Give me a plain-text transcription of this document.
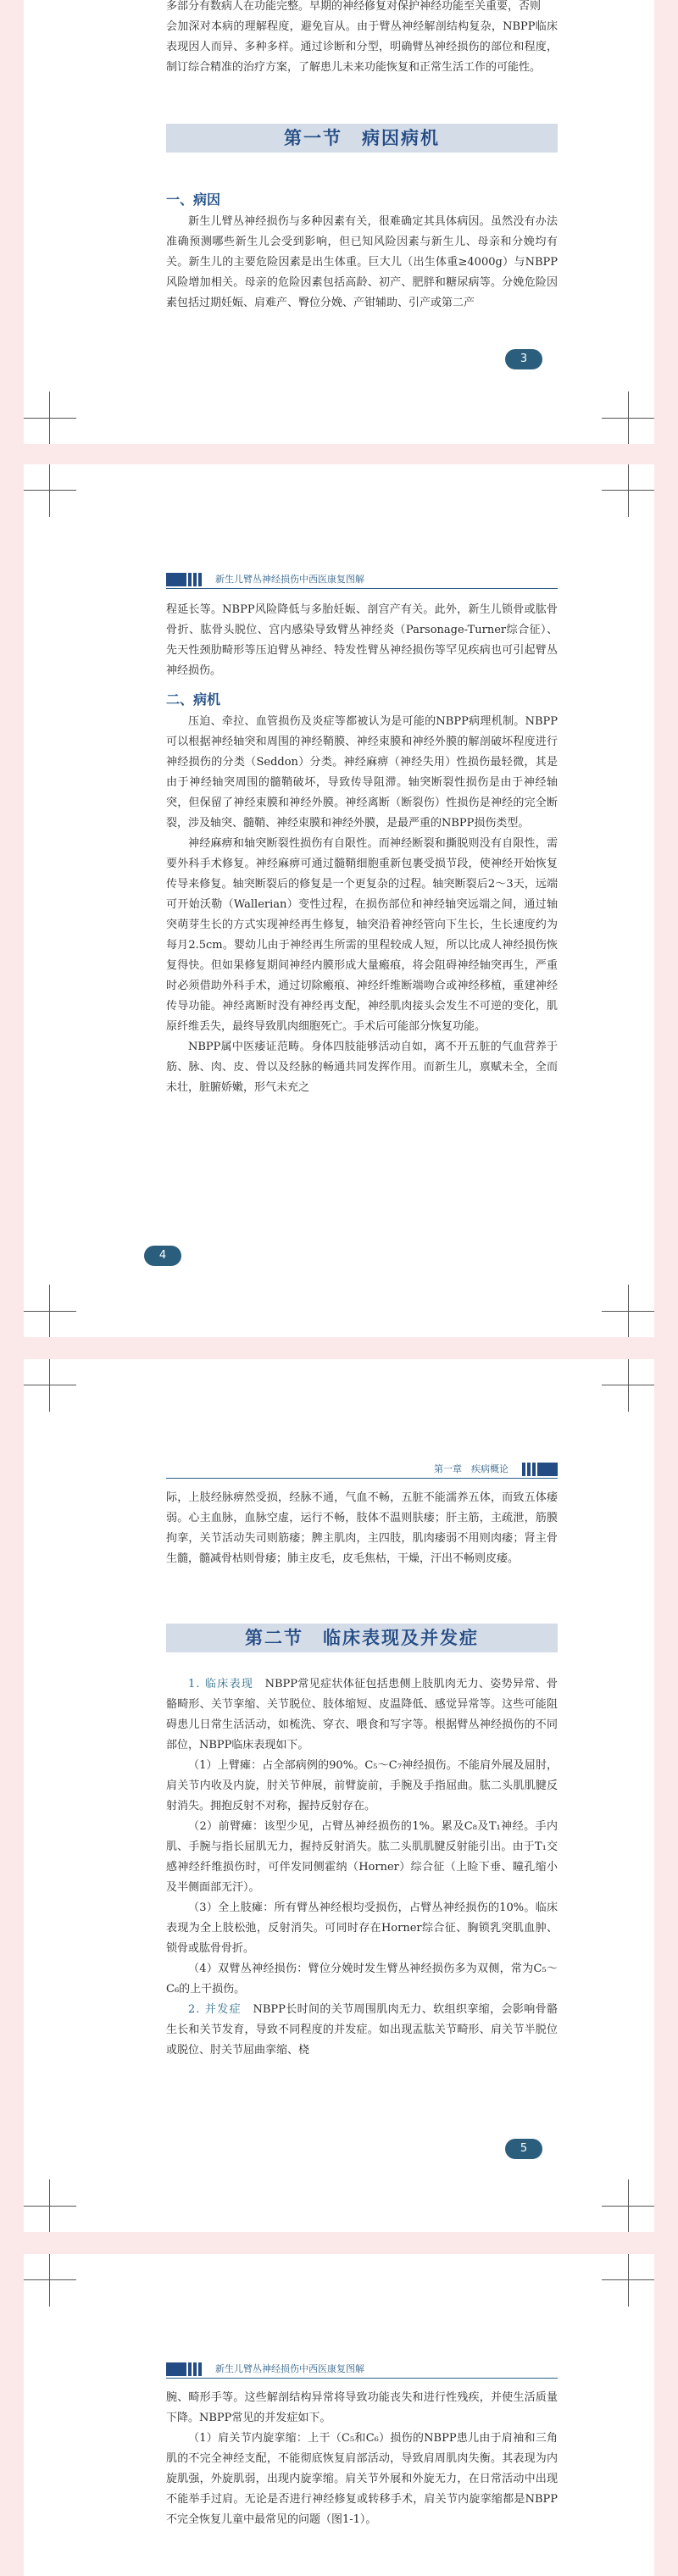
多部分有数病人在功能完整。早期的神经修复对保护神经功能至关重要，否则

会加深对本病的理解程度，避免盲从。由于臂丛神经解剖结构复杂，NBPP临床表现因人而异、多种多样。通过诊断和分型，明确臂丛神经损伤的部位和程度，制订综合精准的治疗方案，了解患儿未来功能恢复和正常生活工作的可能性。

第一节　病因病机
一、病因

新生儿臂丛神经损伤与多种因素有关，很难确定其具体病因。虽然没有办法准确预测哪些新生儿会受到影响，但已知风险因素与新生儿、母亲和分娩均有关。新生儿的主要危险因素是出生体重。巨大儿（出生体重≥4000g）与NBPP风险增加相关。母亲的危险因素包括高龄、初产、肥胖和糖尿病等。分娩危险因素包括过期妊娠、肩难产、臀位分娩、产钳辅助、引产或第二产

3
新生儿臂丛神经损伤中西医康复图解

程延长等。NBPP风险降低与多胎妊娠、剖宫产有关。此外，新生儿锁骨或肱骨骨折、肱骨头脱位、宫内感染导致臂丛神经炎（Parsonage-Turner综合征）、先天性颈肋畸形等压迫臂丛神经、特发性臂丛神经损伤等罕见疾病也可引起臂丛神经损伤。

二、病机

压迫、牵拉、血管损伤及炎症等都被认为是可能的NBPP病理机制。NBPP可以根据神经轴突和周围的神经鞘膜、神经束膜和神经外膜的解剖破坏程度进行神经损伤的分类（Seddon）分类。神经麻痹（神经失用）性损伤最轻微，其是由于神经轴突周围的髓鞘破坏，导致传导阻滞。轴突断裂性损伤是由于神经轴突，但保留了神经束膜和神经外膜。神经离断（断裂伤）性损伤是神经的完全断裂，涉及轴突、髓鞘、神经束膜和神经外膜，是最严重的NBPP损伤类型。

神经麻痹和轴突断裂性损伤有自限性。而神经断裂和撕脱则没有自限性，需要外科手术修复。神经麻痹可通过髓鞘细胞重新包裹受损节段，使神经开始恢复传导来修复。轴突断裂后的修复是一个更复杂的过程。轴突断裂后2～3天，远端可开始沃勒（Wallerian）变性过程，在损伤部位和神经轴突远端之间，通过轴突萌芽生长的方式实现神经再生修复，轴突沿着神经管向下生长，生长速度约为每月2.5cm。婴幼儿由于神经再生所需的里程较成人短，所以比成人神经损伤恢复得快。但如果修复期间神经内膜形成大量瘢痕，将会阻碍神经轴突再生，严重时必须借助外科手术，通过切除瘢痕、神经纤维断端吻合或神经移植，重建神经传导功能。神经离断时没有神经再支配，神经肌肉接头会发生不可逆的变化，肌原纤维丢失，最终导致肌肉细胞死亡。手术后可能部分恢复功能。

NBPP属中医痿证范畴。身体四肢能够活动自如，离不开五脏的气血营养于筋、脉、肉、皮、骨以及经脉的畅通共同发挥作用。而新生儿，禀赋未全，全而未壮，脏腑娇嫩，形气未充之

4
第一章　疾病概论

际，上肢经脉痹然受损，经脉不通，气血不畅，五脏不能濡养五体，而致五体痿弱。心主血脉，血脉空虚，运行不畅，肢体不温则肤痿；肝主筋，主疏泄，筋膜拘挛，关节活动失司则筋痿；脾主肌肉，主四肢，肌肉痿弱不用则肉痿；肾主骨生髓，髓减骨枯则骨痿；肺主皮毛，皮毛焦枯，干燥，汗出不畅则皮痿。

第二节　临床表现及并发症

1. 临床表现　 NBPP常见症状体征包括患侧上肢肌肉无力、姿势异常、骨骼畸形、关节挛缩、关节脱位、肢体缩短、皮温降低、感觉异常等。这些可能阻碍患儿日常生活活动，如梳洗、穿衣、喂食和写字等。根据臂丛神经损伤的不同部位，NBPP临床表现如下。

（1）上臂瘫：占全部病例的90%。C₅～C₇神经损伤。不能肩外展及屈肘，肩关节内收及内旋，肘关节伸展，前臂旋前，手腕及手指屈曲。肱二头肌肌腱反射消失。拥抱反射不对称，握持反射存在。

（2）前臂瘫：该型少见，占臂丛神经损伤的1%。累及C₈及T₁神经。手内肌、手腕与指长屈肌无力，握持反射消失。肱二头肌肌腱反射能引出。由于T₁交感神经纤维损伤时，可伴发同侧霍纳（Horner）综合征（上睑下垂、瞳孔缩小及半侧面部无汗）。

（3）全上肢瘫：所有臂丛神经根均受损伤，占臂丛神经损伤的10%。临床表现为全上肢松弛，反射消失。可同时存在Horner综合征、胸锁乳突肌血肿、锁骨或肱骨骨折。

（4）双臂丛神经损伤：臂位分娩时发生臂丛神经损伤多为双侧，常为C₅～C₆的上干损伤。

2. 并发症　 NBPP长时间的关节周围肌肉无力、软组织挛缩，会影响骨骼生长和关节发育，导致不同程度的并发症。如出现盂肱关节畸形、肩关节半脱位或脱位、肘关节屈曲挛缩、桡

5
新生儿臂丛神经损伤中西医康复图解

腕、畸形手等。这些解剖结构异常将导致功能丧失和进行性残疾，并使生活质量下降。NBPP常见的并发症如下。

（1）肩关节内旋挛缩：上干（C₅和C₆）损伤的NBPP患儿由于肩袖和三角肌的不完全神经支配，不能彻底恢复肩部活动，导致肩周肌肉失衡。其表现为内旋肌强，外旋肌弱，出现内旋挛缩。肩关节外展和外旋无力，在日常活动中出现不能举手过肩。无论是否进行神经修复或转移手术，肩关节内旋挛缩都是NBPP不完全恢复儿童中最常见的问题（图1-1）。
